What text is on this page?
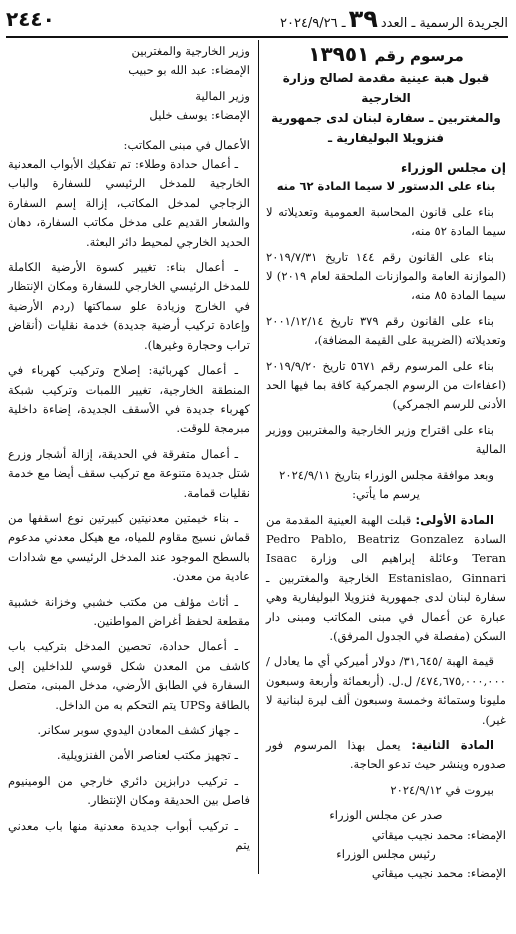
٢٤٤٠	الجريدة الرسمية ـ العدد٣٩ـ ٢٠٢٤/٩/٢٦
مرسوم رقم ١٣٩٥١
قبول هبة عينية مقدمة لصالح وزارة الخارجية
والمغتربين ـ سفارة لبنان لدى جمهورية
فنزويلا البوليفارية ـ

إن مجلس الوزراء

بناء على الدستور لا سيما المادة ٦٢ منه

بناء على قانون المحاسبة العمومية وتعديلاته لا سيما المادة ٥٢ منه،

بناء على القانون رقم ١٤٤ تاريخ ٢٠١٩/٧/٣١ (الموازنة العامة والموازنات الملحقة لعام ٢٠١٩) لا سيما المادة ٨٥ منه،

بناء على القانون رقم ٣٧٩ تاريخ ٢٠٠١/١٢/١٤ وتعديلاته (الضريبة على القيمة المضافة)،

بناء على المرسوم رقم ٥٦٧١ تاريخ ٢٠١٩/٩/٢٠ (اعفاءات من الرسوم الجمركية كافة بما فيها الحد الأدنى للرسم الجمركي)

بناء على اقتراح وزير الخارجية والمغتربين ووزير المالية

وبعد موافقة مجلس الوزراء بتاريخ ٢٠٢٤/٩/١١

يرسم ما يأتي:

المادة الأولى: قبلت الهبة العينية المقدمة من السادة Pedro Pablo, Beatriz Gonzalez Teran وعائلة إبراهيم الى وزارة Isaac Estanislao, Ginnari الخارجية والمغتربين ـ سفارة لبنان لدى جمهورية فنزويلا البوليفارية وهي عبارة عن أعمال في مبنى المكاتب ومبنى دار السكن (مفصلة في الجدول المرفق).

قيمة الهبة /٣١,٦٤٥/ دولار أميركي أي ما يعادل /٤٧٤,٦٧٥,٠٠٠,٠٠٠/ ل.ل. (أربعمائة وأربعة وسبعون مليونا وستمائة وخمسة وسبعون ألف ليرة لبنانية لا غير).

المادة الثانية: يعمل بهذا المرسوم فور صدوره وينشر حيث تدعو الحاجة.

بيروت في ٢٠٢٤/٩/١٢

صدر عن مجلس الوزراء

الإمضاء: محمد نجيب ميقاتي

رئيس مجلس الوزراء

الإمضاء: محمد نجيب ميقاتي

وزير الخارجية والمغتربين

الإمضاء: عبد الله بو حبيب

وزير المالية

الإمضاء: يوسف خليل

الأعمال في مبنى المكاتب:

ـ أعمال حدادة وطلاء: تم تفكيك الأبواب المعدنية الخارجية للمدخل الرئيسي للسفارة والباب الزجاجي لمدخل المكاتب، إزالة إسم السفارة والشعار القديم على مدخل مكاتب السفارة، دهان الحديد الخارجي لمحيط دائر البعثة.

ـ أعمال بناء: تغيير كسوة الأرضية الكاملة للمدخل الرئيسي الخارجي للسفارة ومكان الإنتظار في الخارج وزيادة علو سماكتها (ردم الأرضية وإعادة تركيب أرضية جديدة) خدمة نقليات (أنقاض تراب وحجارة وغيرها).

ـ أعمال كهربائية: إصلاح وتركيب كهرباء في المنطقة الخارجية، تغيير اللمبات وتركيب شبكة كهرباء جديدة في الأسقف الجديدة، إضاءة داخلية مبرمجة للوقت.

ـ أعمال متفرقة في الحديقة، إزالة أشجار وزرع شتل جديدة متنوعة مع تركيب سقف أيضا مع خدمة نقليات قمامة.

ـ بناء خيمتين معدنيتين كبيرتين نوع اسقفها من قماش نسيج مقاوم للمياه، مع هيكل معدني مدعوم بالسطح الموجود عند المدخل الرئيسي مع شدادات عادية من معدن.

ـ أثاث مؤلف من مكتب خشبي وخزانة خشبية مقطعة لحفظ أغراض المواطنين.

ـ أعمال حدادة، تحصين المدخل بتركيب باب كاشف من المعدن شكل قوسي للداخلين إلى السفارة في الطابق الأرضي، مدخل المبنى، متصل بالطاقة وUPS يتم التحكم به من الداخل.

ـ جهاز كشف المعادن اليدوي سوبر سكانر.

ـ تجهيز مكتب لعناصر الأمن الفنزويلية.

ـ تركيب درابزين دائري خارجي من الومينيوم فاصل بين الحديقة ومكان الإنتظار.

ـ تركيب أبواب جديدة معدنية منها باب معدني يتم
